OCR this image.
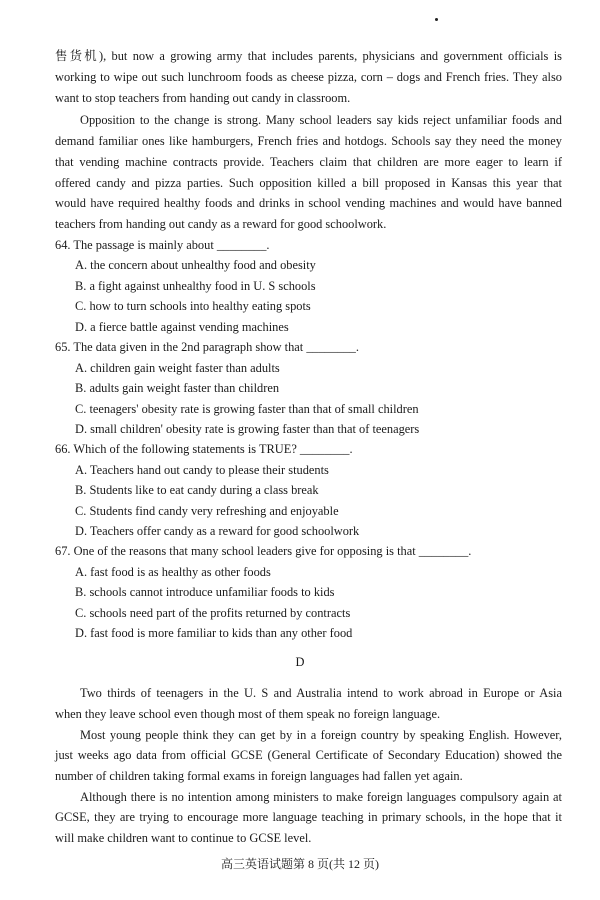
售货机), but now a growing army that includes parents, physicians and government officials is
working to wipe out such lunchroom foods as cheese pizza, corn – dogs and French fries. They also
want to stop teachers from handing out candy in classroom.
Opposition to the change is strong. Many school leaders say kids reject unfamiliar foods and
demand familiar ones like hamburgers, French fries and hotdogs. Schools say they need the money
that vending machine contracts provide. Teachers claim that children are more eager to learn if
offered candy and pizza parties. Such opposition killed a bill proposed in Kansas this year that
would have required healthy foods and drinks in school vending machines and would have banned
teachers from handing out candy as a reward for good schoolwork.
64. The passage is mainly about ________.
A. the concern about unhealthy food and obesity
B. a fight against unhealthy food in U. S schools
C. how to turn schools into healthy eating spots
D. a fierce battle against vending machines
65. The data given in the 2nd paragraph show that ________.
A. children gain weight faster than adults
B. adults gain weight faster than children
C. teenagers' obesity rate is growing faster than that of small children
D. small children' obesity rate is growing faster than that of teenagers
66. Which of the following statements is TRUE? ________.
A. Teachers hand out candy to please their students
B. Students like to eat candy during a class break
C. Students find candy very refreshing and enjoyable
D. Teachers offer candy as a reward for good schoolwork
67. One of the reasons that many school leaders give for opposing is that ________.
A. fast food is as healthy as other foods
B. schools cannot introduce unfamiliar foods to kids
C. schools need part of the profits returned by contracts
D. fast food is more familiar to kids than any other food
D
Two thirds of teenagers in the U. S and Australia intend to work abroad in Europe or Asia
when they leave school even though most of them speak no foreign language.
Most young people think they can get by in a foreign country by speaking English. However,
just weeks ago data from official GCSE (General Certificate of Secondary Education) showed the
number of children taking formal exams in foreign languages had fallen yet again.
Although there is no intention among ministers to make foreign languages compulsory again at
GCSE, they are trying to encourage more language teaching in primary schools, in the hope that it
will make children want to continue to GCSE level.
高三英语试题第 8 页(共 12 页)
